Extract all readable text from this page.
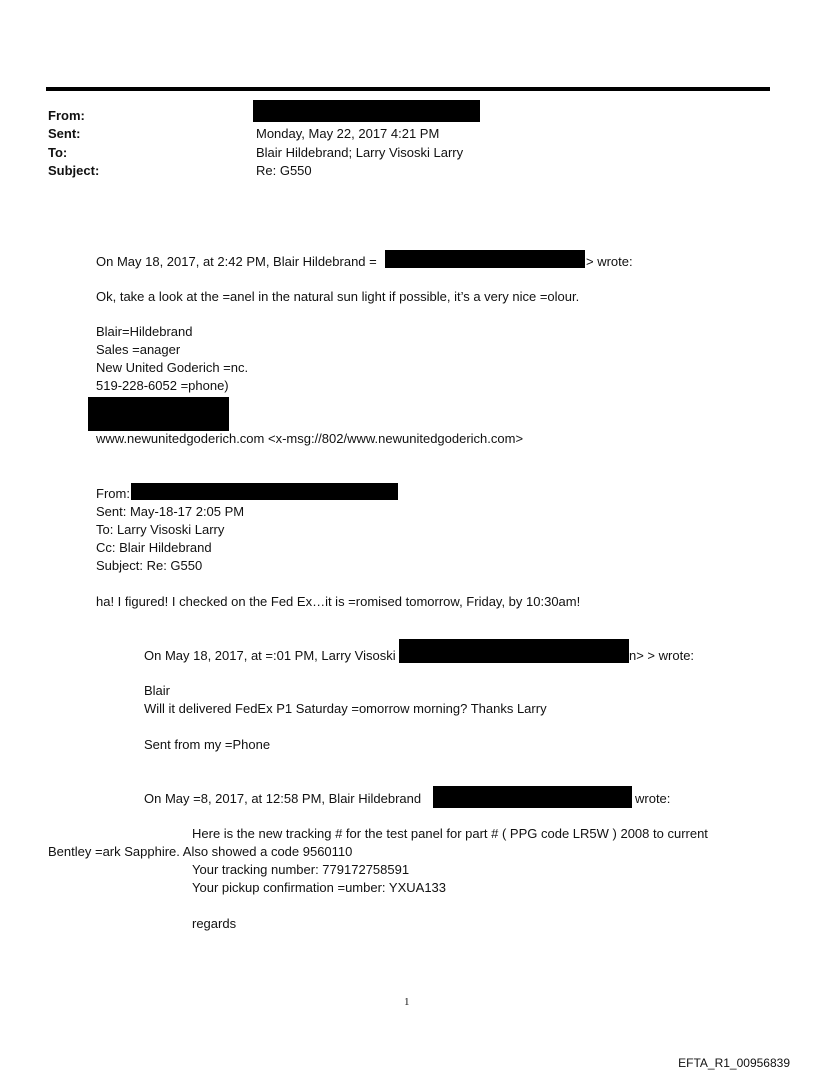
From:
Sent:	Monday, May 22, 2017 4:21 PM
To:	Blair Hildebrand; Larry Visoski Larry
Subject:	Re: G550
On May 18, 2017, at 2:42 PM, Blair Hildebrand =	> wrote:
Ok, take a look at the =anel in the natural sun light if possible, it’s a very nice =olour.
Blair=Hildebrand
Sales =anager
New United Goderich =nc.
519-228-6052 =phone)
www.newunitedgoderich.com <x-msg://802/www.newunitedgoderich.com>
From:
Sent: May-18-17 2:05 PM
To: Larry Visoski Larry
Cc: Blair Hildebrand
Subject: Re: G550
ha! I figured! I checked on the Fed Ex…it is =romised tomorrow, Friday, by 10:30am!
On May 18, 2017, at =:01 PM, Larry Visoski	n> > wrote:
Blair
Will it delivered FedEx P1 Saturday =omorrow morning? Thanks Larry
Sent from my =Phone
On May =8, 2017, at 12:58 PM, Blair Hildebrand	wrote:
Here is the new tracking # for the test panel for part # ( PPG code LR5W ) 2008 to current
Bentley =ark Sapphire. Also showed a code 9560110
Your tracking number: 779172758591
Your pickup confirmation =umber: YXUA133
regards
1
EFTA_R1_00956839
